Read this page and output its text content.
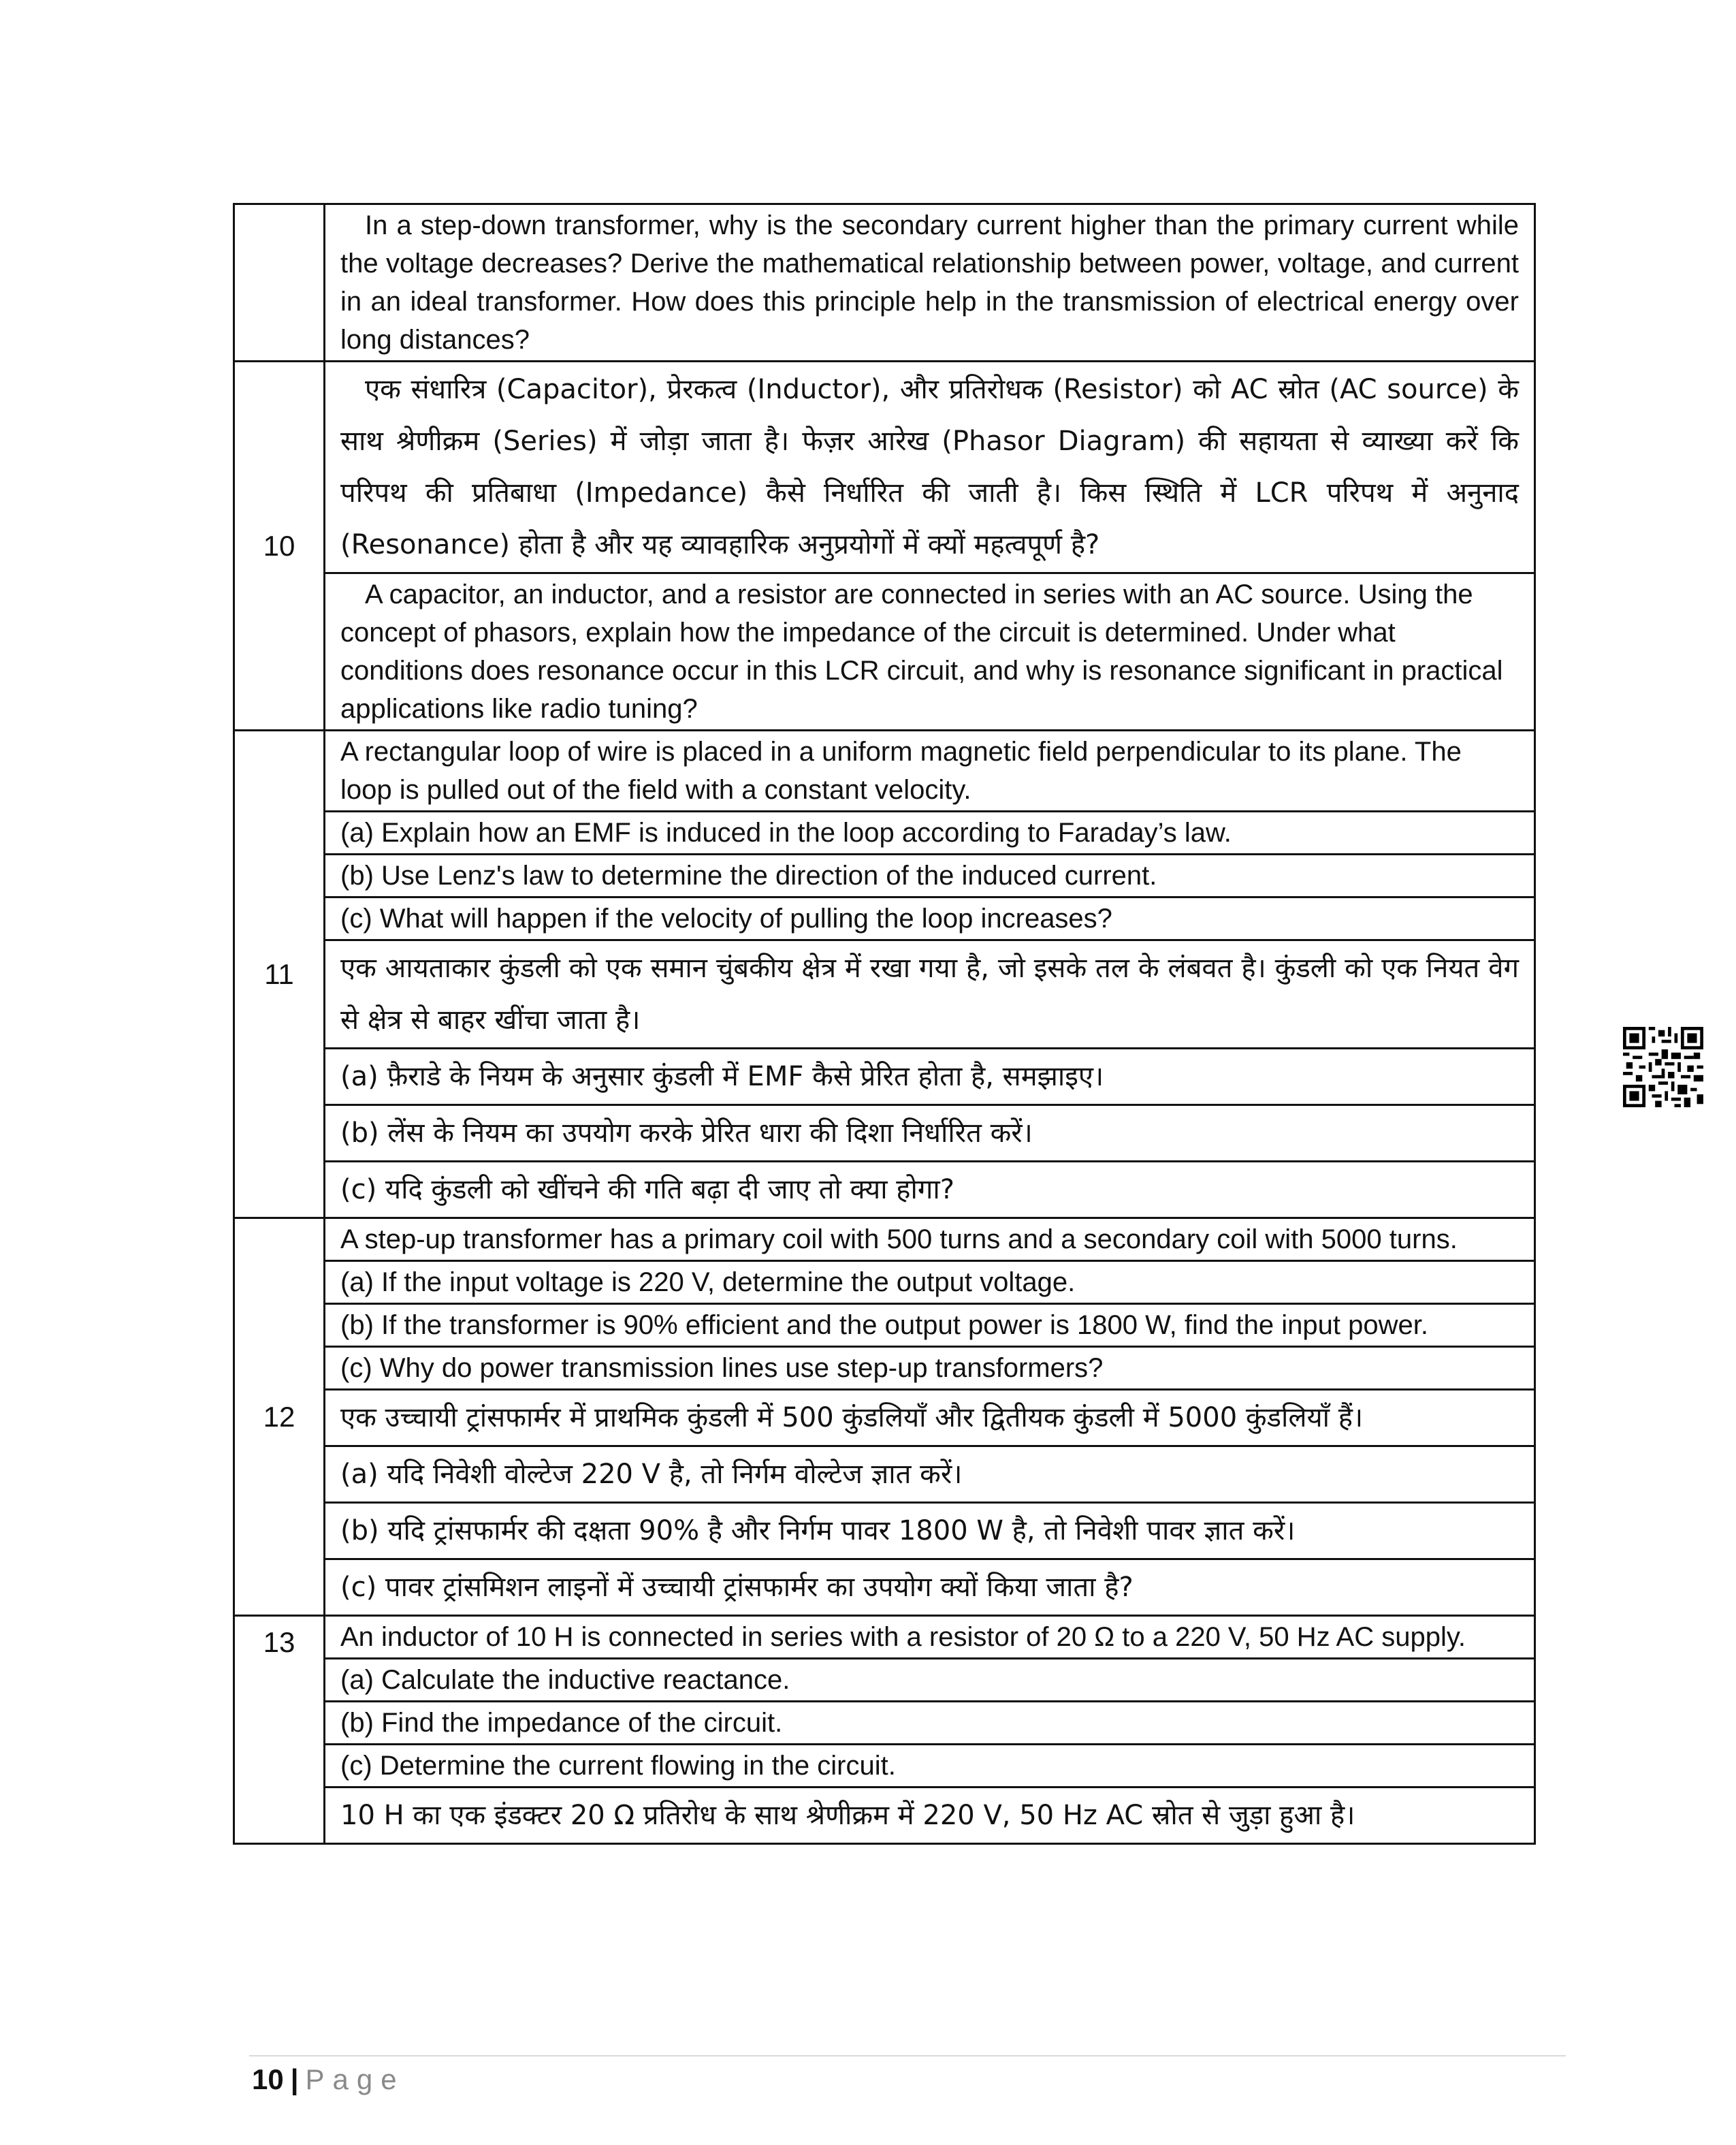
	In a step-down transformer, why is the secondary current higher than the primary current while the voltage decreases? Derive the mathematical relationship between power, voltage, and current in an ideal transformer. How does this principle help in the transmission of electrical energy over long distances?
10	एक संधारित्र (Capacitor), प्रेरकत्व (Inductor), और प्रतिरोधक (Resistor) को AC स्रोत (AC source) के साथ श्रेणीक्रम (Series) में जोड़ा जाता है। फेज़र आरेख (Phasor Diagram) की सहायता से व्याख्या करें कि परिपथ की प्रतिबाधा (Impedance) कैसे निर्धारित की जाती है। किस स्थिति में LCR परिपथ में अनुनाद (Resonance) होता है और यह व्यावहारिक अनुप्रयोगों में क्यों महत्वपूर्ण है?
	A capacitor, an inductor, and a resistor are connected in series with an AC source. Using the concept of phasors, explain how the impedance of the circuit is determined. Under what conditions does resonance occur in this LCR circuit, and why is resonance significant in practical applications like radio tuning?
11	A rectangular loop of wire is placed in a uniform magnetic field perpendicular to its plane. The loop is pulled out of the field with a constant velocity.
	(a) Explain how an EMF is induced in the loop according to Faraday’s law.
	(b) Use Lenz's law to determine the direction of the induced current.
	(c) What will happen if the velocity of pulling the loop increases?
	एक आयताकार कुंडली को एक समान चुंबकीय क्षेत्र में रखा गया है, जो इसके तल के लंबवत है। कुंडली को एक नियत वेग से क्षेत्र से बाहर खींचा जाता है।
	(a) फ़ैराडे के नियम के अनुसार कुंडली में EMF कैसे प्रेरित होता है, समझाइए।
	(b) लेंस के नियम का उपयोग करके प्रेरित धारा की दिशा निर्धारित करें।
	(c) यदि कुंडली को खींचने की गति बढ़ा दी जाए तो क्या होगा?
12	A step-up transformer has a primary coil with 500 turns and a secondary coil with 5000 turns.
	(a) If the input voltage is 220 V, determine the output voltage.
	(b) If the transformer is 90% efficient and the output power is 1800 W, find the input power.
	(c) Why do power transmission lines use step-up transformers?
	एक उच्चायी ट्रांसफार्मर में प्राथमिक कुंडली में 500 कुंडलियाँ और द्वितीयक कुंडली में 5000 कुंडलियाँ हैं।
	(a) यदि निवेशी वोल्टेज 220 V है, तो निर्गम वोल्टेज ज्ञात करें।
	(b) यदि ट्रांसफार्मर की दक्षता 90% है और निर्गम पावर 1800 W है, तो निवेशी पावर ज्ञात करें।
	(c) पावर ट्रांसमिशन लाइनों में उच्चायी ट्रांसफार्मर का उपयोग क्यों किया जाता है?
13	An inductor of 10 H is connected in series with a resistor of 20 Ω to a 220 V, 50 Hz AC supply.
	(a) Calculate the inductive reactance.
	(b) Find the impedance of the circuit.
	(c) Determine the current flowing in the circuit.
	10 H का एक इंडक्टर 20 Ω प्रतिरोध के साथ श्रेणीक्रम में 220 V, 50 Hz AC स्रोत से जुड़ा हुआ है।
10 | Page
